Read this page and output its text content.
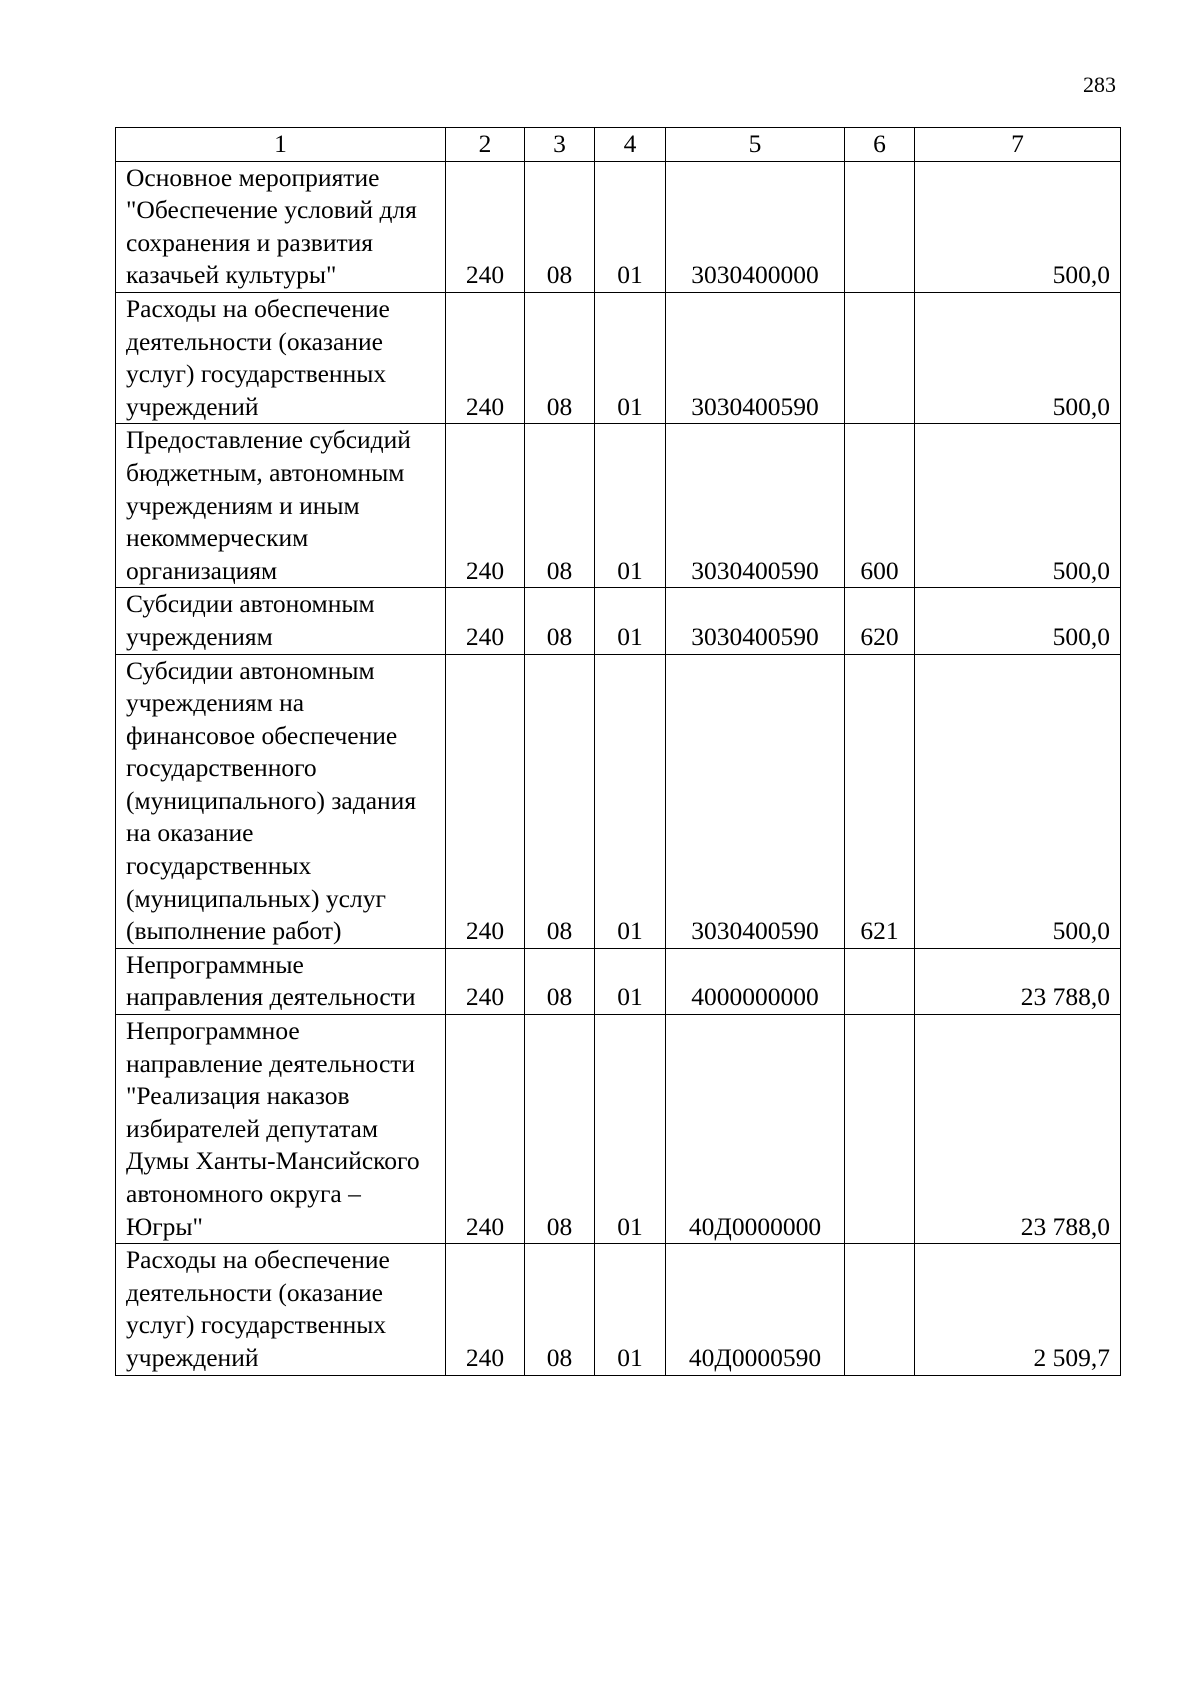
283
1	2	3	4	5	6	7
Основное мероприятие "Обеспечение условий для сохранения и развития казачьей культуры"	240	08	01	3030400000		500,0
Расходы на обеспечение деятельности (оказание услуг) государственных учреждений	240	08	01	3030400590		500,0
Предоставление субсидий бюджетным, автономным учреждениям и иным некоммерческим организациям	240	08	01	3030400590	600	500,0
Субсидии автономным учреждениям	240	08	01	3030400590	620	500,0
Субсидии автономным учреждениям на финансовое обеспечение государственного (муниципального) задания на оказание государственных (муниципальных) услуг (выполнение работ)	240	08	01	3030400590	621	500,0
Непрограммные направления деятельности	240	08	01	4000000000		23 788,0
Непрограммное направление деятельности "Реализация наказов избирателей депутатам Думы Ханты-Мансийского автономного округа – Югры"	240	08	01	40Д0000000		23 788,0
Расходы на обеспечение деятельности (оказание услуг) государственных учреждений	240	08	01	40Д0000590		2 509,7
